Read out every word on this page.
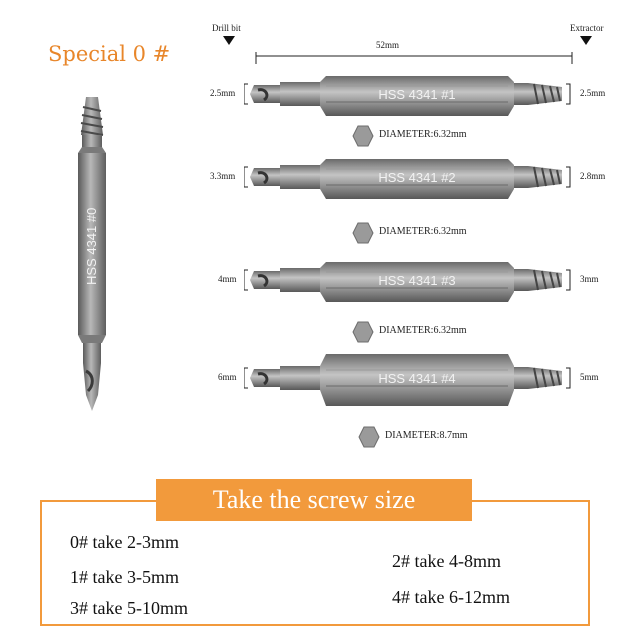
Special 0 #
HSS 4341 #0
Drill bit	Extractor
52mm
2.5mm	2.5mm
HSS 4341 #1
DIAMETER:6.32mm
3.3mm	2.8mm
HSS 4341 #2
DIAMETER:6.32mm
4mm	3mm
HSS 4341 #3
DIAMETER:6.32mm
6mm	5mm
HSS 4341 #4
DIAMETER:8.7mm
Take the screw size
0# take 2-3mm
1# take 3-5mm
3# take 5-10mm
2# take 4-8mm
4# take 6-12mm
